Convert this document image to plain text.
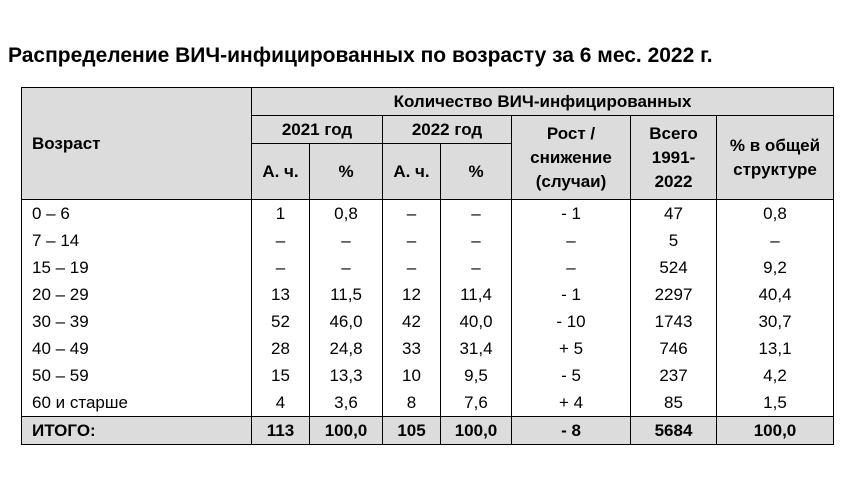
Распределение ВИЧ-инфицированных по возрасту за 6 мес. 2022 г.
Возраст	Количество ВИЧ-инфицированных						
	2021 год		2022 год		Рост / снижение (случаи)	Всего 1991- 2022	% в общей структуре
	А. ч.	%	А. ч.	%			
0 – 6	1	0,8	–	–	- 1	47	0,8
7 – 14	–	–	–	–	–	5	–
15 – 19	–	–	–	–	–	524	9,2
20 – 29	13	11,5	12	11,4	- 1	2297	40,4
30 – 39	52	46,0	42	40,0	- 10	1743	30,7
40 – 49	28	24,8	33	31,4	+ 5	746	13,1
50 – 59	15	13,3	10	9,5	- 5	237	4,2
60 и старше	4	3,6	8	7,6	+ 4	85	1,5
ИТОГО:	113	100,0	105	100,0	- 8	5684	100,0
